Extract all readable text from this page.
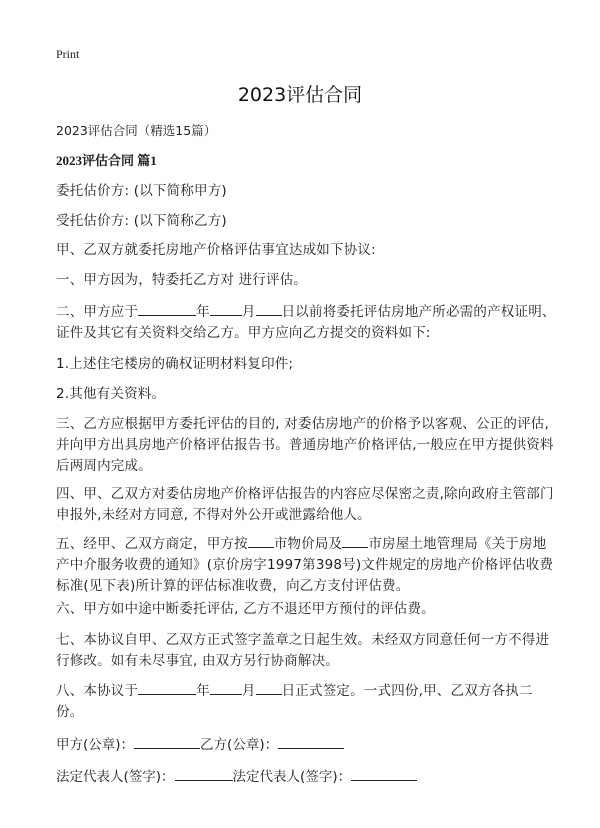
Print
2023评估合同
2023评估合同（精选15篇）
2023评估合同 篇1
委托估价方: (以下简称甲方)
受托估价方: (以下简称乙方)
甲、乙双方就委托房地产价格评估事宜达成如下协议:
一、甲方因为，特委托乙方对 进行评估。
二、甲方应于	年 月 日以前将委托评估房地产所必需的产权证明、证件及其它有关资料交给乙方。甲方应向乙方提交的资料如下:
1.上述住宅楼房的确权证明材料复印件;
2.其他有关资料。
三、乙方应根据甲方委托评估的目的, 对委估房地产的价格予以客观、公正的评估, 并向甲方出具房地产价格评估报告书。普通房地产价格评估,一般应在甲方提供资料后两周内完成。
四、甲、乙双方对委估房地产价格评估报告的内容应尽保密之责,除向政府主管部门申报外,未经对方同意, 不得对外公开或泄露给他人。
五、经甲、乙双方商定，甲方按 市物价局及 市房屋土地管理局《关于房地产中介服务收费的通知》(京价房字1997第398号)文件规定的房地产价格评估收费标准(见下表)所计算的评估标准收费，向乙方支付评估费。
六、甲方如中途中断委托评估, 乙方不退还甲方预付的评估费。
七、本协议自甲、乙双方正式签字盖章之日起生效。未经双方同意任何一方不得进行修改。如有未尽事宜, 由双方另行协商解决。
八、本协议于	年 月 日正式签定。一式四份,甲、乙双方各执二份。
甲方(公章)：	乙方(公章)：
法定代表人(签字)：	法定代表人(签字)：
